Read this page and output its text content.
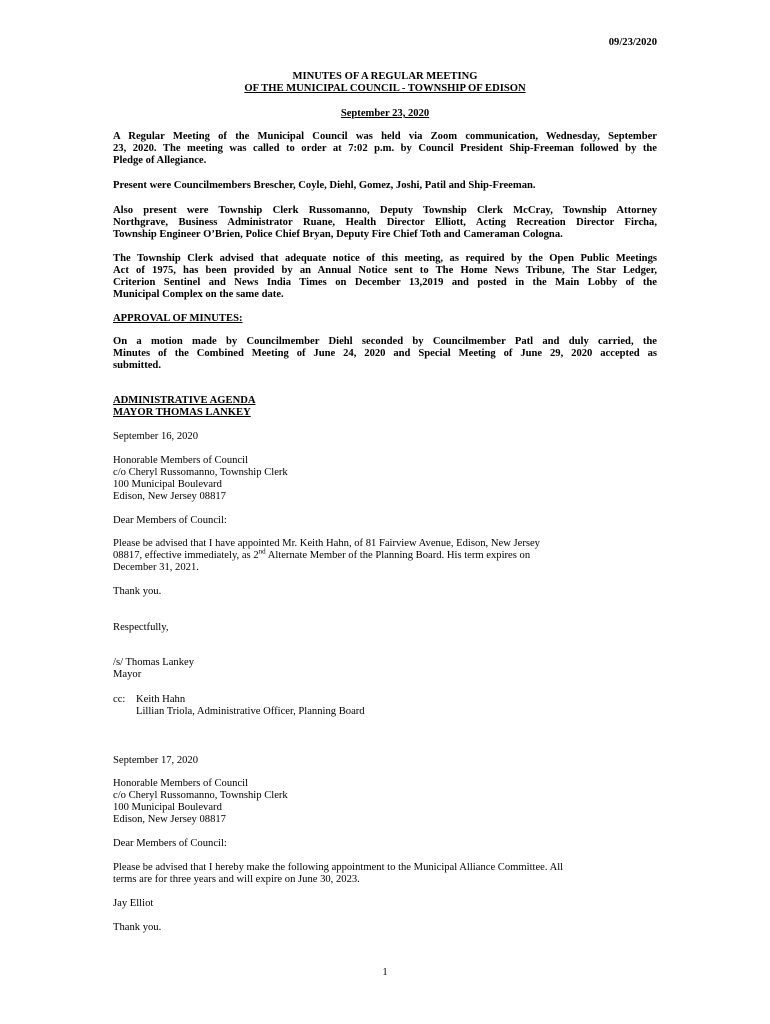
09/23/2020

MINUTES OF A REGULAR MEETING

OF THE MUNICIPAL COUNCIL - TOWNSHIP OF EDISON

September 23, 2020

A Regular Meeting of the Municipal Council was held via Zoom communication, Wednesday, September

23, 2020. The meeting was called to order at 7:02 p.m. by Council President Ship-Freeman followed by the

Pledge of Allegiance.

Present were Councilmembers Brescher, Coyle, Diehl, Gomez, Joshi, Patil and Ship-Freeman.

Also present were Township Clerk Russomanno, Deputy Township Clerk McCray, Township Attorney

Northgrave, Business Administrator Ruane, Health Director Elliott, Acting Recreation Director Fircha,

Township Engineer O’Brien, Police Chief Bryan, Deputy Fire Chief Toth and Cameraman Cologna.

The Township Clerk advised that adequate notice of this meeting, as required by the Open Public Meetings

Act of 1975, has been provided by an Annual Notice sent to The Home News Tribune, The Star Ledger,

Criterion Sentinel and News India Times on December 13,2019 and posted in the Main Lobby of the

Municipal Complex on the same date.

APPROVAL OF MINUTES:

On a motion made by Councilmember Diehl seconded by Councilmember Patl and duly carried, the

Minutes of the Combined Meeting of June 24, 2020 and Special Meeting of June 29, 2020 accepted as

submitted.

ADMINISTRATIVE AGENDA

MAYOR THOMAS LANKEY

September 16, 2020

Honorable Members of Council

c/o Cheryl Russomanno, Township Clerk

100 Municipal Boulevard

Edison, New Jersey 08817

Dear Members of Council:

Please be advised that I have appointed Mr. Keith Hahn, of 81 Fairview Avenue, Edison, New Jersey

08817, effective immediately, as 2nd Alternate Member of the Planning Board. His term expires on

December 31, 2021.

Thank you.

Respectfully,

/s/ Thomas Lankey

Mayor

cc: Keith Hahn

Lillian Triola, Administrative Officer, Planning Board

September 17, 2020

Honorable Members of Council

c/o Cheryl Russomanno, Township Clerk

100 Municipal Boulevard

Edison, New Jersey 08817

Dear Members of Council:

Please be advised that I hereby make the following appointment to the Municipal Alliance Committee. All

terms are for three years and will expire on June 30, 2023.

Jay Elliot

Thank you.

1
